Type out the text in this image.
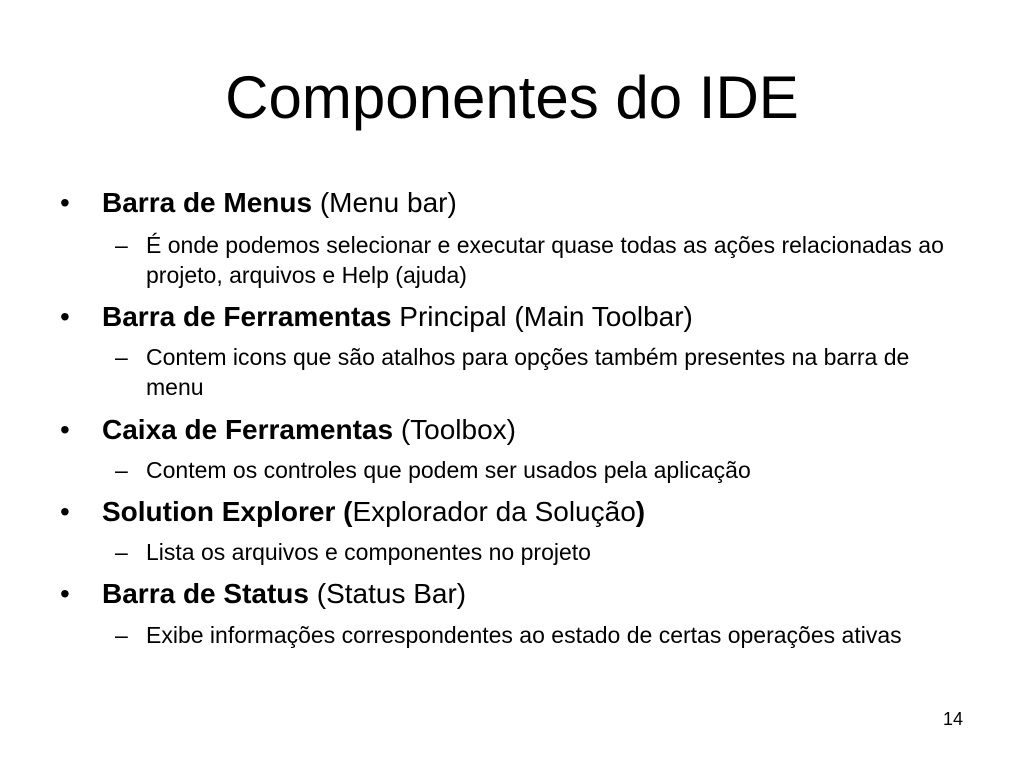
Componentes do IDE
• Barra de Menus (Menu bar)
– É onde podemos selecionar e executar quase todas as ações relacionadas ao projeto, arquivos e Help (ajuda)
• Barra de Ferramentas Principal (Main Toolbar)
– Contem icons que são atalhos para opções também presentes na barra de menu
• Caixa de Ferramentas (Toolbox)
– Contem os controles que podem ser usados pela aplicação
• Solution Explorer (Explorador da Solução)
– Lista os arquivos e componentes no projeto
• Barra de Status (Status Bar)
– Exibe informações correspondentes ao estado de certas operações ativas
14
